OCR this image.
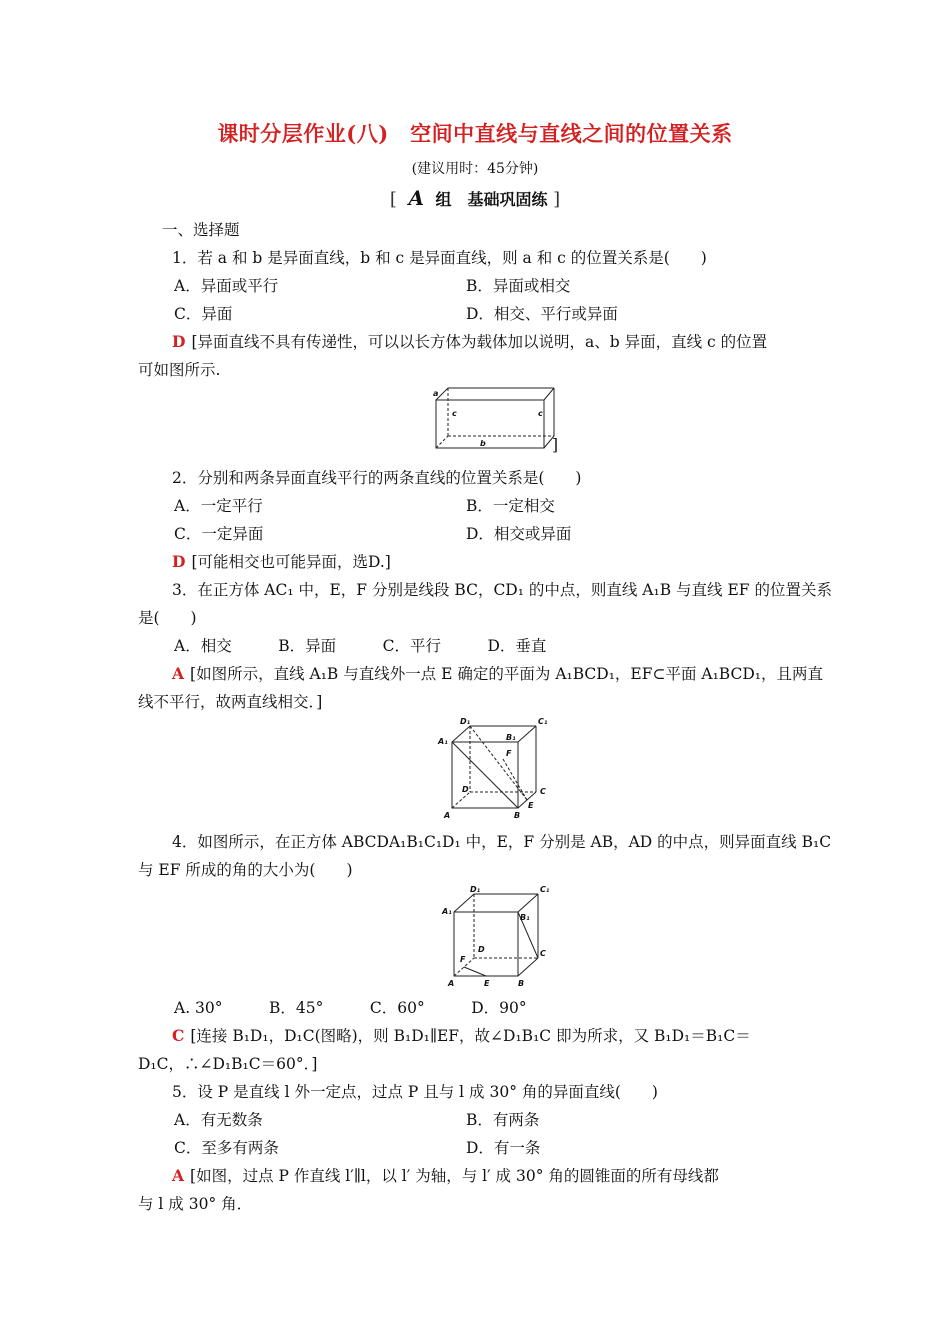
课时分层作业(八)　空间中直线与直线之间的位置关系
(建议用时：45分钟)
[ A 组　基础巩固练 ]
一、选择题
1．若 a 和 b 是异面直线，b 和 c 是异面直线，则 a 和 c 的位置关系是(　　)
A．异面或平行	B．异面或相交
C．异面	D．相交、平行或异面
D [异面直线不具有传递性，可以以长方体为载体加以说明，a、b 异面，直线 c 的位置
可如图所示.
a
c	c
b	]
2．分别和两条异面直线平行的两条直线的位置关系是(　　)
A．一定平行	B．一定相交
C．一定异面	D．相交或异面
D [可能相交也可能异面，选D.]
3．在正方体 AC₁ 中，E，F 分别是线段 BC，CD₁ 的中点，则直线 A₁B 与直线 EF 的位置关系
是(　　)
A．相交　　　B．异面　　　C．平行　　　D．垂直
A [如图所示，直线 A₁B 与直线外一点 E 确定的平面为 A₁BCD₁，EF⊂平面 A₁BCD₁，且两直
线不平行，故两直线相交．]
D₁	C₁
A₁	B₁
F
D	C
E
A	B
4．如图所示，在正方体 ABCDA₁B₁C₁D₁ 中，E，F 分别是 AB，AD 的中点，则异面直线 B₁C
与 EF 所成的角的大小为(　　)
D₁	C₁
A₁
B₁
D	C
F
A	E	B
A. 30°　　　B．45°　　　C．60°　　　D．90°
C [连接 B₁D₁，D₁C(图略)，则 B₁D₁∥EF，故∠D₁B₁C 即为所求，又 B₁D₁＝B₁C＝
D₁C，∴∠D₁B₁C＝60°．]
5．设 P 是直线 l 外一定点，过点 P 且与 l 成 30° 角的异面直线(　　)
A．有无数条	B．有两条
C．至多有两条	D．有一条
A [如图，过点 P 作直线 l′∥l，以 l′ 为轴，与 l′ 成 30° 角的圆锥面的所有母线都
与 l 成 30° 角．
